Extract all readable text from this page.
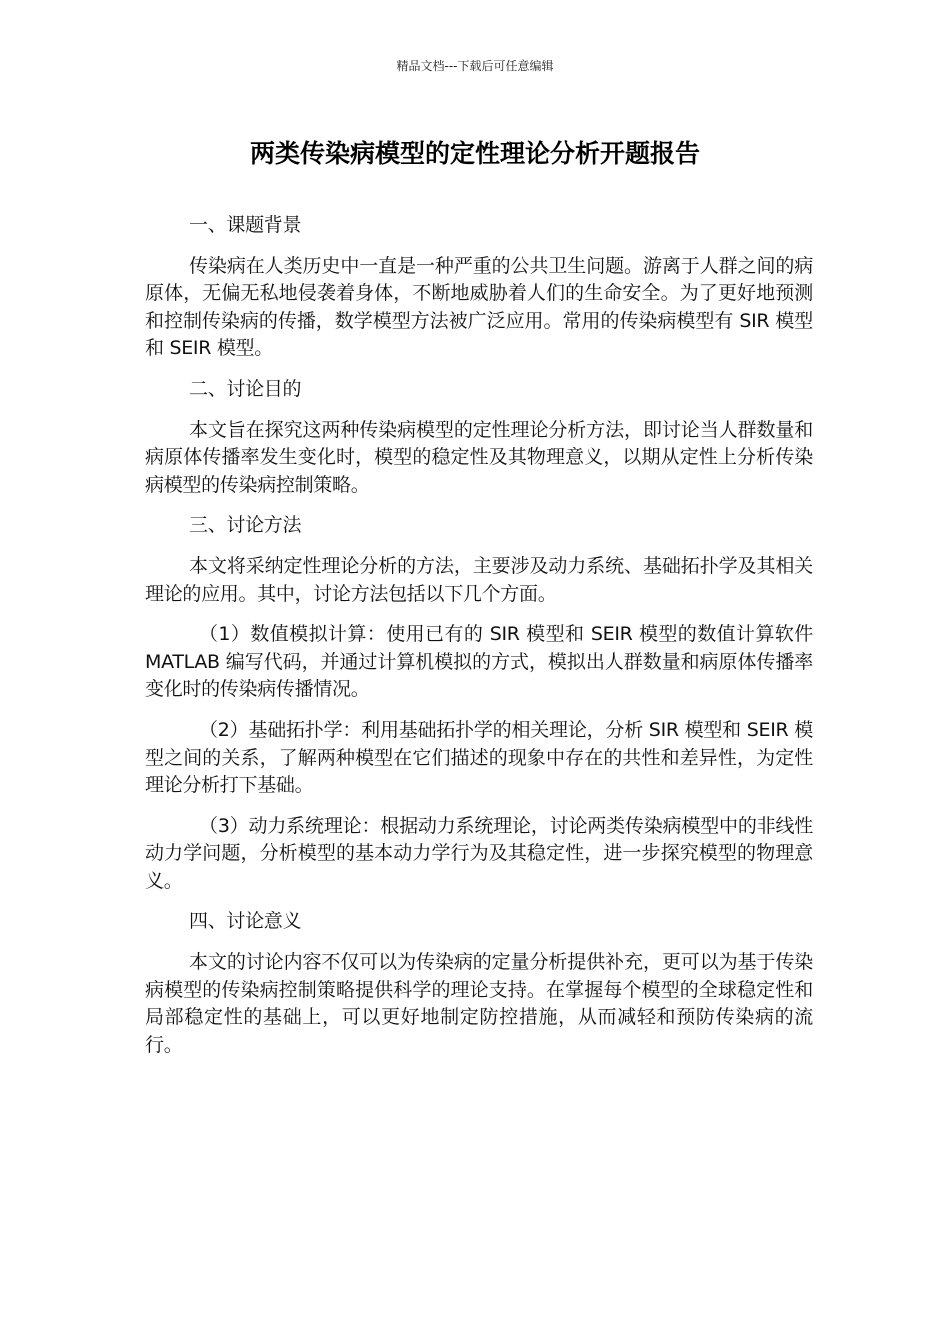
精品文档---下载后可任意编辑
两类传染病模型的定性理论分析开题报告

一、课题背景

传染病在人类历史中一直是一种严重的公共卫生问题。游离于人群之间的病原体，无偏无私地侵袭着身体，不断地威胁着人们的生命安全。为了更好地预测和控制传染病的传播，数学模型方法被广泛应用。常用的传染病模型有 SIR 模型和 SEIR 模型。

二、讨论目的

本文旨在探究这两种传染病模型的定性理论分析方法，即讨论当人群数量和病原体传播率发生变化时，模型的稳定性及其物理意义，以期从定性上分析传染病模型的传染病控制策略。

三、讨论方法

本文将采纳定性理论分析的方法，主要涉及动力系统、基础拓扑学及其相关理论的应用。其中，讨论方法包括以下几个方面。

（1）数值模拟计算：使用已有的 SIR 模型和 SEIR 模型的数值计算软件 MATLAB 编写代码，并通过计算机模拟的方式，模拟出人群数量和病原体传播率变化时的传染病传播情况。

（2）基础拓扑学：利用基础拓扑学的相关理论，分析 SIR 模型和 SEIR 模型之间的关系，了解两种模型在它们描述的现象中存在的共性和差异性，为定性理论分析打下基础。

（3）动力系统理论：根据动力系统理论，讨论两类传染病模型中的非线性动力学问题，分析模型的基本动力学行为及其稳定性，进一步探究模型的物理意义。

四、讨论意义

本文的讨论内容不仅可以为传染病的定量分析提供补充，更可以为基于传染病模型的传染病控制策略提供科学的理论支持。在掌握每个模型的全球稳定性和局部稳定性的基础上，可以更好地制定防控措施，从而减轻和预防传染病的流行。
